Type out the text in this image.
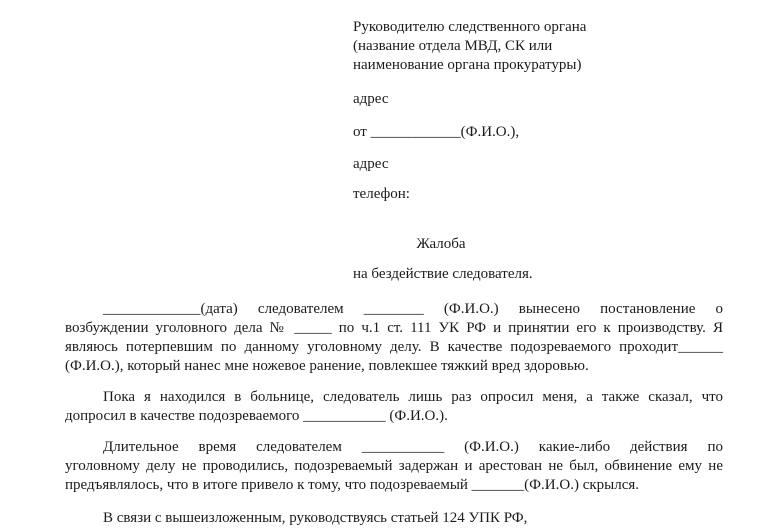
Руководителю следственного органа
(название отдела МВД, СК или
наименование органа прокуратуры)
адрес
от ____________(Ф.И.О.),
адрес
телефон:
Жалоба
на бездействие следователя.
_____________(дата) следователем ________ (Ф.И.О.) вынесено постановление о
возбуждении уголовного дела № _____ по ч.1 ст. 111 УК РФ и принятии его к производству. Я
являюсь потерпевшим по данному уголовному делу. В качестве подозреваемого проходит______
(Ф.И.О.), который нанес мне ножевое ранение, повлекшее тяжкий вред здоровью.
Пока я находился в больнице, следователь лишь раз опросил меня, а также сказал, что
допросил в качестве подозреваемого ___________ (Ф.И.О.).
Длительное время следователем ___________ (Ф.И.О.) какие-либо действия по
уголовному делу не проводились, подозреваемый задержан и арестован не был, обвинение ему не
предъявлялось, что в итоге привело к тому, что подозреваемый _______(Ф.И.О.) скрылся.
В связи с вышеизложенным, руководствуясь статьей 124 УПК РФ,
